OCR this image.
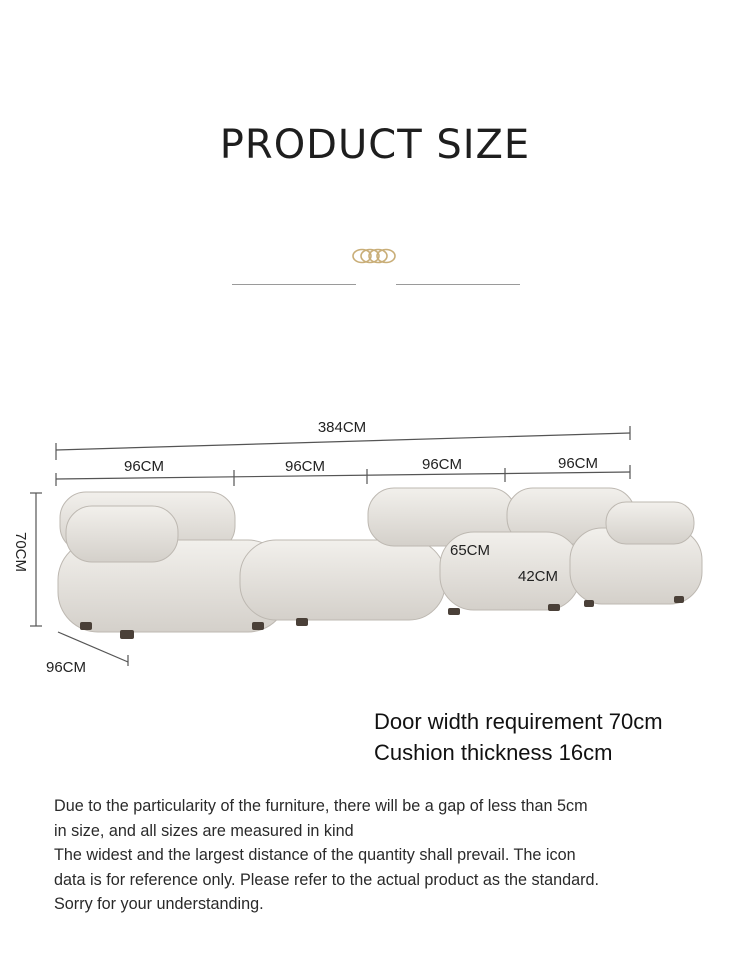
PRODUCT SIZE
384CM
96CM	96CM	96CM	96CM
70CM
96CM
65CM
42CM
Door width requirement 70cm
Cushion thickness 16cm
Due to the particularity of the furniture, there will be a gap of less than 5cm
in size, and all sizes are measured in kind
The widest and the largest distance of the quantity shall prevail. The icon
data is for reference only. Please refer to the actual product as the standard.
Sorry for your understanding.
